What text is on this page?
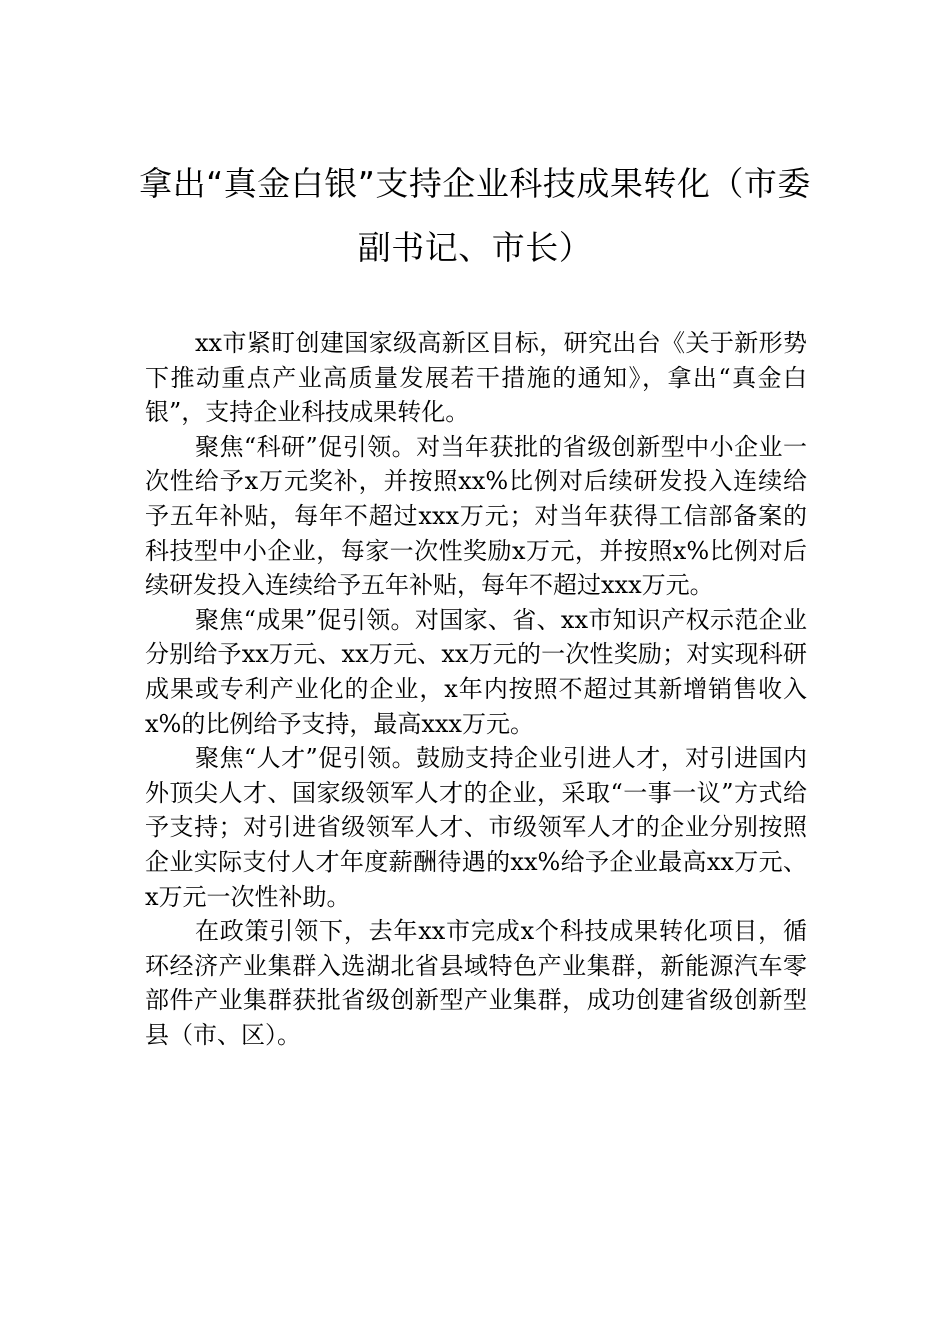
拿出“真金白银”支持企业科技成果转化（市委副书记、市长）

xx市紧盯创建国家级高新区目标，研究出台《关于新形势下推动重点产业高质量发展若干措施的通知》，拿出“真金白银”，支持企业科技成果转化。

聚焦“科研”促引领。对当年获批的省级创新型中小企业一次性给予x万元奖补，并按照xx%比例对后续研发投入连续给予五年补贴，每年不超过xxx万元；对当年获得工信部备案的科技型中小企业，每家一次性奖励x万元，并按照x%比例对后续研发投入连续给予五年补贴，每年不超过xxx万元。

聚焦“成果”促引领。对国家、省、xx市知识产权示范企业分别给予xx万元、xx万元、xx万元的一次性奖励；对实现科研成果或专利产业化的企业，x年内按照不超过其新增销售收入x%的比例给予支持，最高xxx万元。

聚焦“人才”促引领。鼓励支持企业引进人才，对引进国内外顶尖人才、国家级领军人才的企业，采取“一事一议”方式给予支持；对引进省级领军人才、市级领军人才的企业分别按照企业实际支付人才年度薪酬待遇的xx%给予企业最高xx万元、x万元一次性补助。

在政策引领下，去年xx市完成x个科技成果转化项目，循环经济产业集群入选湖北省县域特色产业集群，新能源汽车零部件产业集群获批省级创新型产业集群，成功创建省级创新型县（市、区）。
